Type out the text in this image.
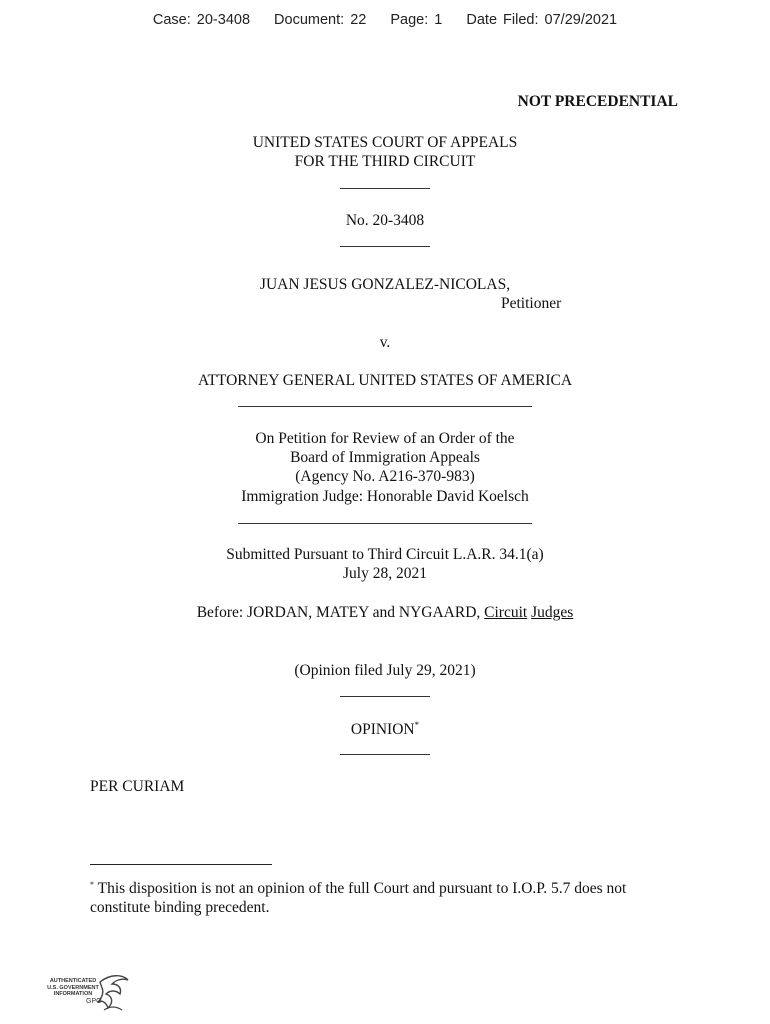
Case: 20-3408 Document: 22 Page: 1 Date Filed: 07/29/2021
NOT PRECEDENTIAL
UNITED STATES COURT OF APPEALS
FOR THE THIRD CIRCUIT
No. 20-3408
JUAN JESUS GONZALEZ-NICOLAS,
Petitioner
v.
ATTORNEY GENERAL UNITED STATES OF AMERICA
On Petition for Review of an Order of the
Board of Immigration Appeals
(Agency No. A216-370-983)
Immigration Judge: Honorable David Koelsch
Submitted Pursuant to Third Circuit L.A.R. 34.1(a)
July 28, 2021
Before: JORDAN, MATEY and NYGAARD, Circuit Judges
(Opinion filed July 29, 2021)
OPINION*
PER CURIAM
* This disposition is not an opinion of the full Court and pursuant to I.O.P. 5.7 does not constitute binding precedent.
AUTHENTICATED
U.S. GOVERNMENT
INFORMATION
GPO
